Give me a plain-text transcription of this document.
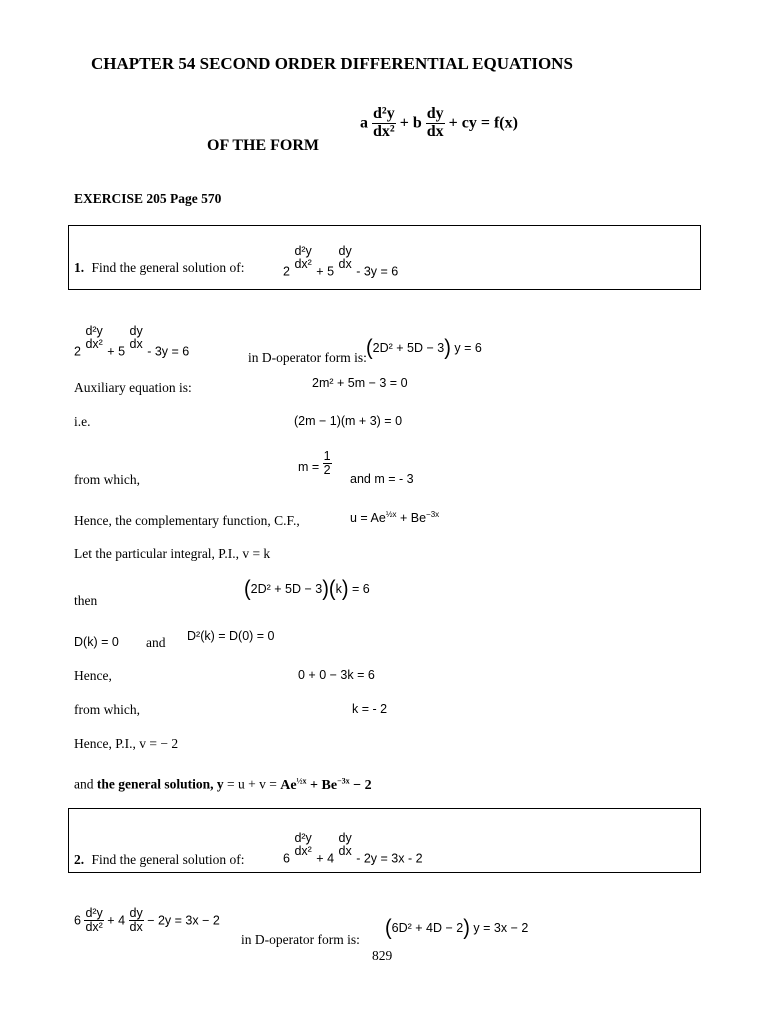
CHAPTER 54 SECOND ORDER DIFFERENTIAL EQUATIONS
OF THE FORM
a $\frac{\text{d²y}}{\text{dx²}} + b \frac{dy}{dx}$ + cy = f(x)
EXERCISE 205 Page 570
1. Find the general solution of:	2
d²y
dx²
+ 5
dy
dx
- 3y = 6
2
d²y
dx²
+ 5
dy
dx
- 3y = 6	in D-operator form is: (2D² + 5D − 3) y = 6
Auxiliary equation is:	2m² + 5m − 3 = 0
i.e.	(2m − 1)(m + 3) = 0
from which,
$m = \frac{1}{2}$
and m = - 3
Hence, the complementary function, C.F.,	$u = Ae^{\frac{1}{2}x} + Be^{-3x}$
Let the particular integral, P.I., v = k
then	(2D² + 5D − 3)(k) = 6
D(k) = 0 and D²(k) = D(0) = 0
Hence,	0 + 0 − 3k = 6
from which,	k = - 2
Hence, P.I., v = − 2
and the general solution, $y = u + v = Ae^{\frac{1}{2}x} + Be^{-3x} - 2$
2. Find the general solution of:	6
d²y
dx²
+ 4
dy
dx
- 2y = 3x - 2
$6 \frac{\text{d²y}}{\text{dx²}} + 4 \frac{dy}{dx} - 2y = 3x - 2$
in D-operator form is: (6D² + 4D − 2) y = 3x − 2
829
